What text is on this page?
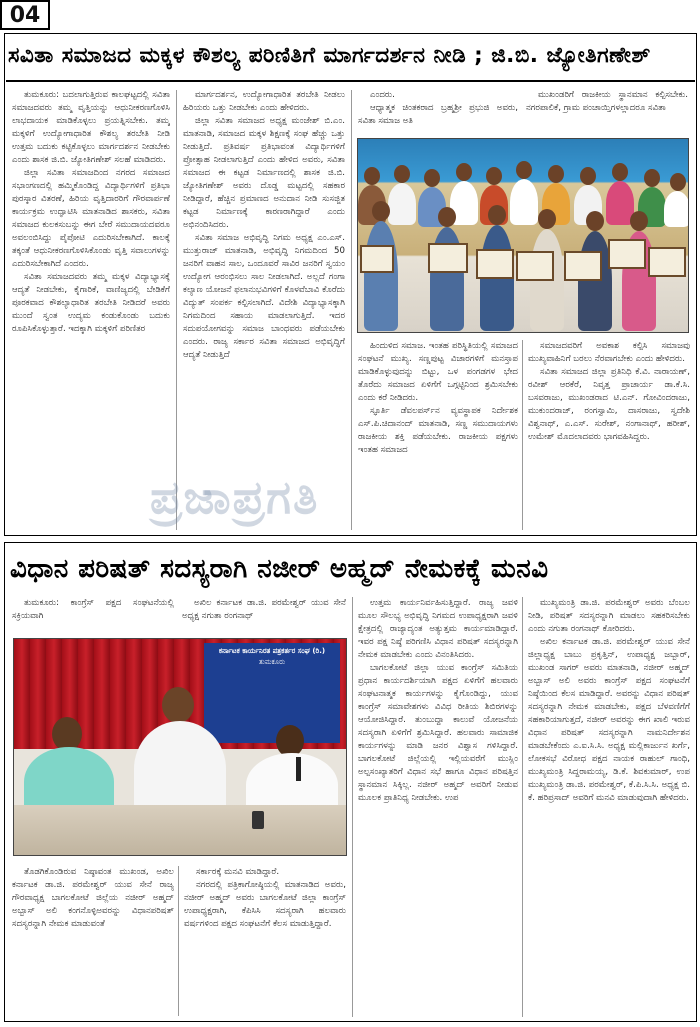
04
ಸವಿತಾ ಸಮಾಜದ ಮಕ್ಕಳ ಕೌಶಲ್ಯ ಪರಿಣಿತಿಗೆ ಮಾರ್ಗದರ್ಶನ ನೀಡಿ ; ಜಿ.ಬಿ. ಜ್ಯೋತಿಗಣೇಶ್

ತುಮಕೂರು: ಬದಲಾಗುತ್ತಿರುವ ಕಾಲಘಟ್ಟದಲ್ಲಿ ಸವಿತಾ ಸಮಾಜದವರು ತಮ್ಮ ವೃತ್ತಿಯನ್ನು ಆಧುನೀಕರಣಗೊಳಿಸಿ ಲಾಭದಾಯಕ ಮಾಡಿಕೊಳ್ಳಲು ಪ್ರಯತ್ನಿಸಬೇಕು. ತಮ್ಮ ಮಕ್ಕಳಿಗೆ ಉದ್ಯೋಗಾಧಾರಿತ ಕೌಶಲ್ಯ ತರಬೇತಿ ನೀಡಿ ಉತ್ತಮ ಬದುಕು ಕಟ್ಟಿಕೊಳ್ಳಲು ಮಾರ್ಗದರ್ಶನ ನೀಡಬೇಕು ಎಂದು ಶಾಸಕ ಜಿ.ಬಿ. ಜ್ಯೋತಿಗಣೇಶ್ ಸಲಹೆ ಮಾಡಿದರು.

ಜಿಲ್ಲಾ ಸವಿತಾ ಸಮಾಜದಿಂದ ನಗರದ ಸಮಾಜದ ಸಭಾಂಗಣದಲ್ಲಿ ಹಮ್ಮಿಕೊಂಡಿದ್ದ ವಿದ್ಯಾರ್ಥಿಗಳಿಗೆ ಪ್ರತಿಭಾ ಪುರಸ್ಕಾರ ವಿತರಣೆ, ಹಿರಿಯ ವೃತ್ತಿದಾರರಿಗೆ ಗೌರವಾರ್ಪಣೆ ಕಾರ್ಯಕ್ರಮ ಉದ್ಘಾಟಿಸಿ ಮಾತನಾಡಿದ ಶಾಸಕರು, ಸವಿತಾ ಸಮಾಜದ ಕುಲಕಸುಬನ್ನು ಈಗ ಬೇರೆ ಸಮುದಾಯದವರೂ ಅವಲಂಬಿಸಿದ್ದು ಪೈಪೋಟಿ ಎದುರಿಸಬೇಕಾಗಿದೆ. ಕಾಲಕ್ಕೆ ತಕ್ಕಂತೆ ಆಧುನೀಕರಣಗೊಳಿಸಿಕೊಂಡು ವೃತ್ತಿ ಸವಾಲುಗಳನ್ನು ಎದುರಿಸಬೇಕಾಗಿದೆ ಎಂದರು.

ಸವಿತಾ ಸಮಾಜದವರು ತಮ್ಮ ಮಕ್ಕಳ ವಿದ್ಯಾಭ್ಯಾಸಕ್ಕೆ ಆದ್ಯತೆ ನೀಡಬೇಕು, ಕೈಗಾರಿಕೆ, ವಾಣಿಜ್ಯದಲ್ಲಿ ಬೇಡಿಕೆಗೆ ಪೂರಕವಾದ ಕೌಶಲ್ಯಾಧಾರಿತ ತರಬೇತಿ ನೀಡಿದರೆ ಅವರು ಮುಂದೆ ಸ್ವಂತ ಉದ್ಯಮ ಕಂಡುಕೊಂಡು ಬದುಕು ರೂಪಿಸಿಕೊಳ್ಳುತ್ತಾರೆ. ಇದಕ್ಕಾಗಿ ಮಕ್ಕಳಿಗೆ ಪರಿಣಿತರ

ಮಾರ್ಗದರ್ಶನ, ಉದ್ಯೋಗಾಧಾರಿತ ತರಬೇತಿ ನೀಡಲು ಹಿರಿಯರು ಒತ್ತು ನೀಡಬೇಕು ಎಂದು ಹೇಳಿದರು.

ಜಿಲ್ಲಾ ಸವಿತಾ ಸಮಾಜದ ಅಧ್ಯಕ್ಷ ಮಂಜೇಶ್ ಬಿ.ಎಂ. ಮಾತನಾಡಿ, ಸಮಾಜದ ಮಕ್ಕಳ ಶಿಕ್ಷಣಕ್ಕೆ ಸಂಘ ಹೆಚ್ಚು ಒತ್ತು ನೀಡುತ್ತಿದೆ. ಪ್ರತಿವರ್ಷ ಪ್ರತಿಭಾವಂತ ವಿದ್ಯಾರ್ಥಿಗಳಿಗೆ ಪ್ರೋತ್ಸಾಹ ನೀಡಲಾಗುತ್ತಿದೆ ಎಂದು ಹೇಳಿದ ಅವರು, ಸವಿತಾ ಸಮಾಜದ ಈ ಕಟ್ಟಡ ನಿರ್ಮಾಣದಲ್ಲಿ ಶಾಸಕ ಜಿ.ಬಿ. ಜ್ಯೋತಿಗಣೇಶ್ ಅವರು ದೊಡ್ಡ ಮಟ್ಟದಲ್ಲಿ ಸಹಕಾರ ನೀಡಿದ್ದಾರೆ, ಹೆಚ್ಚಿನ ಪ್ರಮಾಣದ ಅನುದಾನ ನೀಡಿ ಸುಸಜ್ಜಿತ ಕಟ್ಟಡ ನಿರ್ಮಾಣಕ್ಕೆ ಕಾರಣರಾಗಿದ್ದಾರೆ ಎಂದು ಅಭಿನಂದಿಸಿದರು.

ಸವಿತಾ ಸಮಾಜ ಅಭಿವೃದ್ಧಿ ನಿಗಮ ಅಧ್ಯಕ್ಷ ಎಂ.ಎಸ್. ಮುತ್ತುರಾಜ್ ಮಾತನಾಡಿ, ಅಭಿವೃದ್ಧಿ ನಿಗಮದಿಂದ 50 ಜನರಿಗೆ ವಾಹನ ಸಾಲ, ಒಂದೂವರೆ ಸಾವಿರ ಜನರಿಗೆ ಸ್ವಯಂ ಉದ್ಯೋಗ ಆರಂಭಿಸಲು ಸಾಲ ನೀಡಲಾಗಿದೆ. ಅಲ್ಲದೆ ಗಂಗಾ ಕಲ್ಯಾಣ ಯೋಜನೆ ಫಲಾನುಭವಿಗಳಿಗೆ ಕೊಳವೆಬಾವಿ ಕೊರೆದು ವಿದ್ಯುತ್ ಸಂಪರ್ಕ ಕಲ್ಪಿಸಲಾಗಿದೆ. ವಿದೇಶಿ ವಿದ್ಯಾಭ್ಯಾಸಕ್ಕಾಗಿ ನಿಗಮದಿಂದ ಸಹಾಯ ಮಾಡಲಾಗುತ್ತಿದೆ. ಇದರ ಸದುಪಯೋಗವನ್ನು ಸಮಾಜ ಬಾಂಧವರು ಪಡೆಯಬೇಕು ಎಂದರು. ರಾಜ್ಯ ಸರ್ಕಾರ ಸವಿತಾ ಸಮಾಜದ ಅಭಿವೃದ್ಧಿಗೆ ಆದ್ಯತೆ ನೀಡುತ್ತಿದೆ

ಎಂದರು.

ಆಧ್ಯಾತ್ಮಕ ಚಿಂತಕರಾದ ಬ್ರಹ್ಮಶ್ರೀ ಪ್ರಭುಜಿ ಅವರು, ಸವಿತಾ ಸಮಾಜ ಅತಿ

ಮುಖಂಡರಿಗೆ ರಾಜಕೀಯ ಸ್ಥಾನಮಾನ ಕಲ್ಪಿಸಬೇಕು. ನಗರಪಾಲಿಕೆ, ಗ್ರಾಮ ಪಂಚಾಯ್ತಿಗಳಲ್ಲಾದರೂ ಸವಿತಾ

ಹಿಂದುಳಿದ ಸಮಾಜ. ಇಂತಹ ಪರಿಸ್ಥಿತಿಯಲ್ಲಿ ಸಮಾಜದ ಸಂಘಟನೆ ಮುಖ್ಯ. ಸಣ್ಣಪುಟ್ಟ ವಿಚಾರಗಳಿಗೆ ಮನಸ್ತಾಪ ಮಾಡಿಕೊಳ್ಳುವುದನ್ನು ಬಿಟ್ಟು, ಒಳ ಪಂಗಡಗಳ ಭೇದ ತೊರೆದು ಸಮಾಜದ ಏಳಿಗೆಗೆ ಒಗ್ಗಟ್ಟಿನಿಂದ ಶ್ರಮಿಸಬೇಕು ಎಂದು ಕರೆ ನೀಡಿದರು.

ಸ್ಫೂರ್ತಿ ಡೆವಲಪರ್ಸ್‌ನ ವ್ಯವಸ್ಥಾಪಕ ನಿರ್ದೇಶಕ ಎಸ್.ಪಿ.ಚಿದಾನಂದ್ ಮಾತನಾಡಿ, ಸಣ್ಣ ಸಮುದಾಯಗಳು ರಾಜಕೀಯ ಶಕ್ತಿ ಪಡೆಯಬೇಕು. ರಾಜಕೀಯ ಪಕ್ಷಗಳು ಇಂತಹ ಸಮಾಜದ

ಸಮಾಜದವರಿಗೆ ಅವಕಾಶ ಕಲ್ಪಿಸಿ ಸಮಾಜವು ಮುಖ್ಯವಾಹಿನಿಗೆ ಬರಲು ನೆರವಾಗಬೇಕು ಎಂದು ಹೇಳಿದರು.

ಸವಿತಾ ಸಮಾಜದ ಜಿಲ್ಲಾ ಪ್ರತಿನಿಧಿ ಕೆ.ವಿ. ನಾರಾಯಣ್, ರವೀಶ್ ಆರಕೆರೆ, ನಿವೃತ್ತ ಪ್ರಾಚಾರ್ಯ ಡಾ.ಕೆ.ಸಿ. ಬಸವರಾಜು, ಮುಖಂಡರಾದ ಟಿ.ಎನ್. ಗೋವಿಂದರಾಜು, ಮುಕುಂದರಾಜ್, ರಂಗಸ್ವಾಮಿ, ದಾಸರಾಜು, ಸ್ವದೇಶಿ ವಿಶ್ವನಾಥ್, ಎ.ಎಸ್. ಸುರೇಶ್, ನಂಗಾನಾಥ್, ಹರೀಶ್, ಉಮೇಶ್ ಮೊದಲಾದವರು ಭಾಗವಹಿಸಿದ್ದರು.

ಪ್ರಜಾಪ್ರಗತಿ
ವಿಧಾನ ಪರಿಷತ್ ಸದಸ್ಯರಾಗಿ ನಜೀರ್ ಅಹ್ಮದ್ ನೇಮಕಕ್ಕೆ ಮನವಿ

ತುಮಕೂರು: ಕಾಂಗ್ರೆಸ್ ಪಕ್ಷದ ಸಂಘಟನೆಯಲ್ಲಿ ಸಕ್ರಿಯವಾಗಿ

ಅಖಿಲ ಕರ್ನಾಟಕ ಡಾ.ಜಿ. ಪರಮೇಶ್ವರ್ ಯುವ ಸೇನೆ ಅಧ್ಯಕ್ಷ ನಗುತಾ ರಂಗನಾಥ್

ಕರ್ನಾಟಕ ಕಾರ್ಯನಿರತ ಪತ್ರಕರ್ತರ ಸಂಘ (ರಿ.)
ತುಮಕೂರು

ಉತ್ತಮ ಕಾರ್ಯನಿರ್ವಹಿಸುತ್ತಿದ್ದಾರೆ. ರಾಜ್ಯ ಜವಳಿ ಮೂಲ ಸೌಲಭ್ಯ ಅಭಿವೃದ್ಧಿ ನಿಗಮದ ಉಪಾಧ್ಯಕ್ಷರಾಗಿ ಜವಳಿ ಕ್ಷೇತ್ರದಲ್ಲಿ ರಾಜ್ಯಾದ್ಯಂತ ಅತ್ಯುತ್ತಮ ಕಾರ್ಯಮಾಡಿದ್ದಾರೆ. ಇವರ ಪಕ್ಷ ನಿಷ್ಠೆ ಪರಿಗಣಿಸಿ ವಿಧಾನ ಪರಿಷತ್ ಸದಸ್ಯರನ್ನಾಗಿ ನೇಮಕ ಮಾಡಬೇಕು ಎಂದು ವಿನಂತಿಸಿದರು.

ಬಾಗಲಕೋಟೆ ಜಿಲ್ಲಾ ಯುವ ಕಾಂಗ್ರೆಸ್ ಸಮಿತಿಯ ಪ್ರಧಾನ ಕಾರ್ಯದರ್ಶಿಯಾಗಿ ಪಕ್ಷದ ಏಳಿಗೆಗೆ ಹಲವಾರು ಸಂಘಟನಾತ್ಮಕ ಕಾರ್ಯಗಳನ್ನು ಕೈಗೊಂಡಿದ್ದು, ಯುವ ಕಾಂಗ್ರೆಸ್ ಸಮಾವೇಶಗಳು ವಿವಿಧ ರೀತಿಯ ಶಿಬಿರಗಳನ್ನು ಆಯೋಜಿಸಿದ್ದಾರೆ. ತುಂಬುದ್ದಾ ಕಾಲುವೆ ಯೋಜನೆಯ ಸದಸ್ಯರಾಗಿ ಏಳಿಗೆಗೆ ಶ್ರಮಿಸಿದ್ದಾರೆ. ಹಲವಾರು ಸಾಮಾಜಿಕ ಕಾರ್ಯಗಳನ್ನು ಮಾಡಿ ಜನರ ವಿಶ್ವಾಸ ಗಳಿಸಿದ್ದಾರೆ. ಬಾಗಲಕೋಟೆ ಜಿಲ್ಲೆಯಲ್ಲಿ ಇಲ್ಲಿಯವರೆಗೆ ಮುಸ್ಲಿಂ ಅಲ್ಪಸಂಖ್ಯಾತರಿಗೆ ವಿಧಾನ ಸಭೆ ಹಾಗೂ ವಿಧಾನ ಪರಿಷತ್ತಿನ ಸ್ಥಾನಮಾನ ಸಿಕ್ಕಿಲ್ಲ. ನಜೀರ್ ಅಹ್ಮದ್ ಅವರಿಗೆ ನೀಡುವ ಮೂಲಕ ಪ್ರಾತಿನಿಧ್ಯ ನೀಡಬೇಕು. ಉಪ

ಮುಖ್ಯಮಂತ್ರಿ ಡಾ.ಜಿ. ಪರಮೇಶ್ವರ್ ಅವರು ಬೆಂಬಲ ನೀಡಿ, ಪರಿಷತ್ ಸದಸ್ಯರನ್ನಾಗಿ ಮಾಡಲು ಸಹಕರಿಸಬೇಕು ಎಂದು ನಗುತಾ ರಂಗನಾಥ್ ಕೋರಿದರು.

ಅಖಿಲ ಕರ್ನಾಟಕ ಡಾ.ಜಿ. ಪರಮೇಶ್ವರ್ ಯುವ ಸೇನೆ ಜಿಲ್ಲಾಧ್ಯಕ್ಷ ಬಾಬು ಪ್ರಕೃತ್ತಿನ್, ಉಪಾಧ್ಯಕ್ಷ ಜಬ್ಬಾರ್, ಮುಖಂಡ ಸಾಗರ್ ಅವರು ಮಾತನಾಡಿ, ನಜೀರ್ ಅಹ್ಮದ್ ಅಬ್ಬಾಸ್ ಅಲಿ ಅವರು ಕಾಂಗ್ರೆಸ್ ಪಕ್ಷದ ಸಂಘಟನೆಗೆ ನಿಷ್ಠೆಯಿಂದ ಕೆಲಸ ಮಾಡಿದ್ದಾರೆ. ಅವರನ್ನು ವಿಧಾನ ಪರಿಷತ್ ಸದಸ್ಯರನ್ನಾಗಿ ನೇಮಕ ಮಾಡಬೇಕು, ಪಕ್ಷದ ಬೆಳವಣಿಗೆಗೆ ಸಹಕಾರಿಯಾಗುತ್ತದೆ, ನಜೀರ್ ಅವರನ್ನು ಈಗ ಖಾಲಿ ಇರುವ ವಿಧಾನ ಪರಿಷತ್ ಸದಸ್ಯರನ್ನಾಗಿ ನಾಮನಿರ್ದೇಶನ ಮಾಡಬೇಕೆಂದು ಎ.ಐ.ಸಿ.ಸಿ. ಅಧ್ಯಕ್ಷ ಮಲ್ಲಿಕಾರ್ಜುನ ಖರ್ಗೆ, ಲೋಕಸಭೆ ವಿರೋಧ ಪಕ್ಷದ ನಾಯಕ ರಾಹುಲ್ ಗಾಂಧಿ, ಮುಖ್ಯಮಂತ್ರಿ ಸಿದ್ದರಾಮಯ್ಯ, ಡಿ.ಕೆ. ಶಿವಕುಮಾರ್, ಉಪ ಮುಖ್ಯಮಂತ್ರಿ ಡಾ.ಜಿ. ಪರಮೇಶ್ವರ್, ಕೆ.ಪಿ.ಸಿ.ಸಿ. ಅಧ್ಯಕ್ಷ ಬಿ. ಕೆ. ಹರಿಪ್ರಸಾದ್ ಅವರಿಗೆ ಮನವಿ ಮಾಡುವುದಾಗಿ ಹೇಳಿದರು.

ತೊಡಗಿಕೊಂಡಿರುವ ನಿಷ್ಠಾವಂತ ಮುಖಂಡ, ಅಖಿಲ ಕರ್ನಾಟಕ ಡಾ.ಜಿ. ಪರಮೇಶ್ವರ್ ಯುವ ಸೇನೆ ರಾಜ್ಯ ಗೌರವಾಧ್ಯಕ್ಷ ಬಾಗಲಕೋಟೆ ಜಿಲ್ಲೆಯ ನಜೀರ್ ಅಹ್ಮದ್ ಅಬ್ಬಾಸ್ ಅಲಿ ಕಂಗನೊಳ್ಳಿಅವರನ್ನು ವಿಧಾನಪರಿಷತ್ ಸದಸ್ಯರನ್ನಾಗಿ ನೇಮಕ ಮಾಡುವಂತೆ

ಸರ್ಕಾರಕ್ಕೆ ಮನವಿ ಮಾಡಿದ್ದಾರೆ.

ನಗರದಲ್ಲಿ ಪತ್ರಿಕಾಗೋಷ್ಠಿಯಲ್ಲಿ ಮಾತನಾಡಿದ ಅವರು, ನಜೀರ್ ಅಹ್ಮದ್ ಅವರು ಬಾಗಲಕೋಟೆ ಜಿಲ್ಲಾ ಕಾಂಗ್ರೆಸ್ ಉಪಾಧ್ಯಕ್ಷರಾಗಿ, ಕೆಪಿಸಿಸಿ ಸದಸ್ಯರಾಗಿ ಹಲವಾರು ವರ್ಷಗಳಿಂದ ಪಕ್ಷದ ಸಂಘಟನೆಗೆ ಕೆಲಸ ಮಾಡುತ್ತಿದ್ದಾರೆ.
